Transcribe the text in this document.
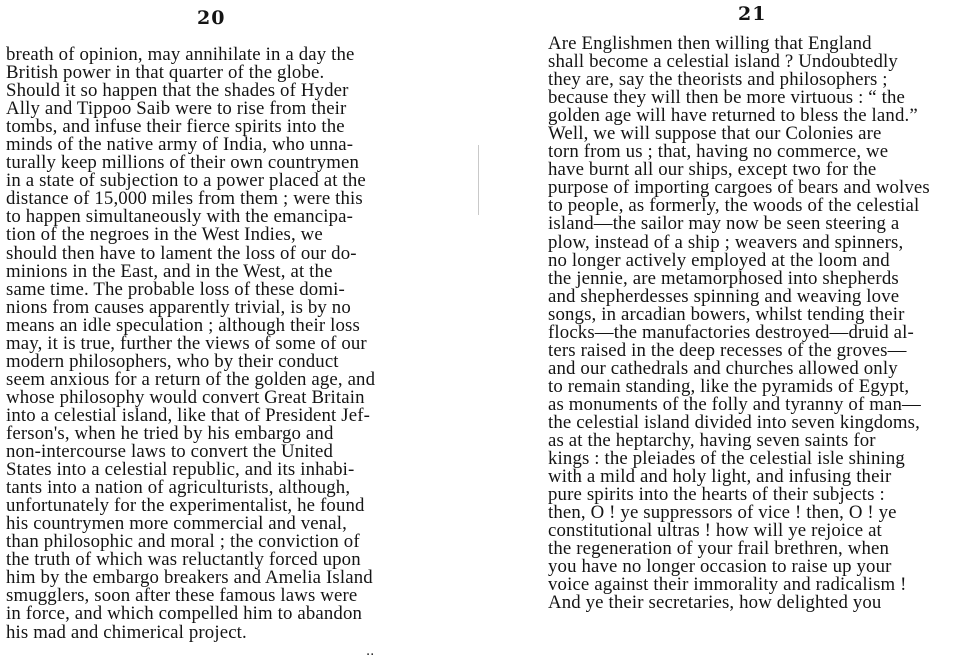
20
breath of opinion, may annihilate in a day the
British power in that quarter of the globe.
Should it so happen that the shades of Hyder
Ally and Tippoo Saib were to rise from their
tombs, and infuse their fierce spirits into the
minds of the native army of India, who unna-
turally keep millions of their own countrymen
in a state of subjection to a power placed at the
distance of 15,000 miles from them ; were this
to happen simultaneously with the emancipa-
tion of the negroes in the West Indies, we
should then have to lament the loss of our do-
minions in the East, and in the West, at the
same time. The probable loss of these domi-
nions from causes apparently trivial, is by no
means an idle speculation ; although their loss
may, it is true, further the views of some of our
modern philosophers, who by their conduct
seem anxious for a return of the golden age, and
whose philosophy would convert Great Britain
into a celestial island, like that of President Jef-
ferson's, when he tried by his embargo and
non-intercourse laws to convert the United
States into a celestial republic, and its inhabi-
tants into a nation of agriculturists, although,
unfortunately for the experimentalist, he found
his countrymen more commercial and venal,
than philosophic and moral ; the conviction of
the truth of which was reluctantly forced upon
him by the embargo breakers and Amelia Island
smugglers, soon after these famous laws were
in force, and which compelled him to abandon
his mad and chimerical project.
..
21
Are Englishmen then willing that England
shall become a celestial island ? Undoubtedly
they are, say the theorists and philosophers ;
because they will then be more virtuous : “ the
golden age will have returned to bless the land.”
Well, we will suppose that our Colonies are
torn from us ; that, having no commerce, we
have burnt all our ships, except two for the
purpose of importing cargoes of bears and wolves
to people, as formerly, the woods of the celestial
island—the sailor may now be seen steering a
plow, instead of a ship ; weavers and spinners,
no longer actively employed at the loom and
the jennie, are metamorphosed into shepherds
and shepherdesses spinning and weaving love
songs, in arcadian bowers, whilst tending their
flocks—the manufactories destroyed—druid al-
ters raised in the deep recesses of the groves—
and our cathedrals and churches allowed only
to remain standing, like the pyramids of Egypt,
as monuments of the folly and tyranny of man—
the celestial island divided into seven kingdoms,
as at the heptarchy, having seven saints for
kings : the pleiades of the celestial isle shining
with a mild and holy light, and infusing their
pure spirits into the hearts of their subjects :
then, O ! ye suppressors of vice ! then, O ! ye
constitutional ultras ! how will ye rejoice at
the regeneration of your frail brethren, when
you have no longer occasion to raise up your
voice against their immorality and radicalism !
And ye their secretaries, how delighted you
